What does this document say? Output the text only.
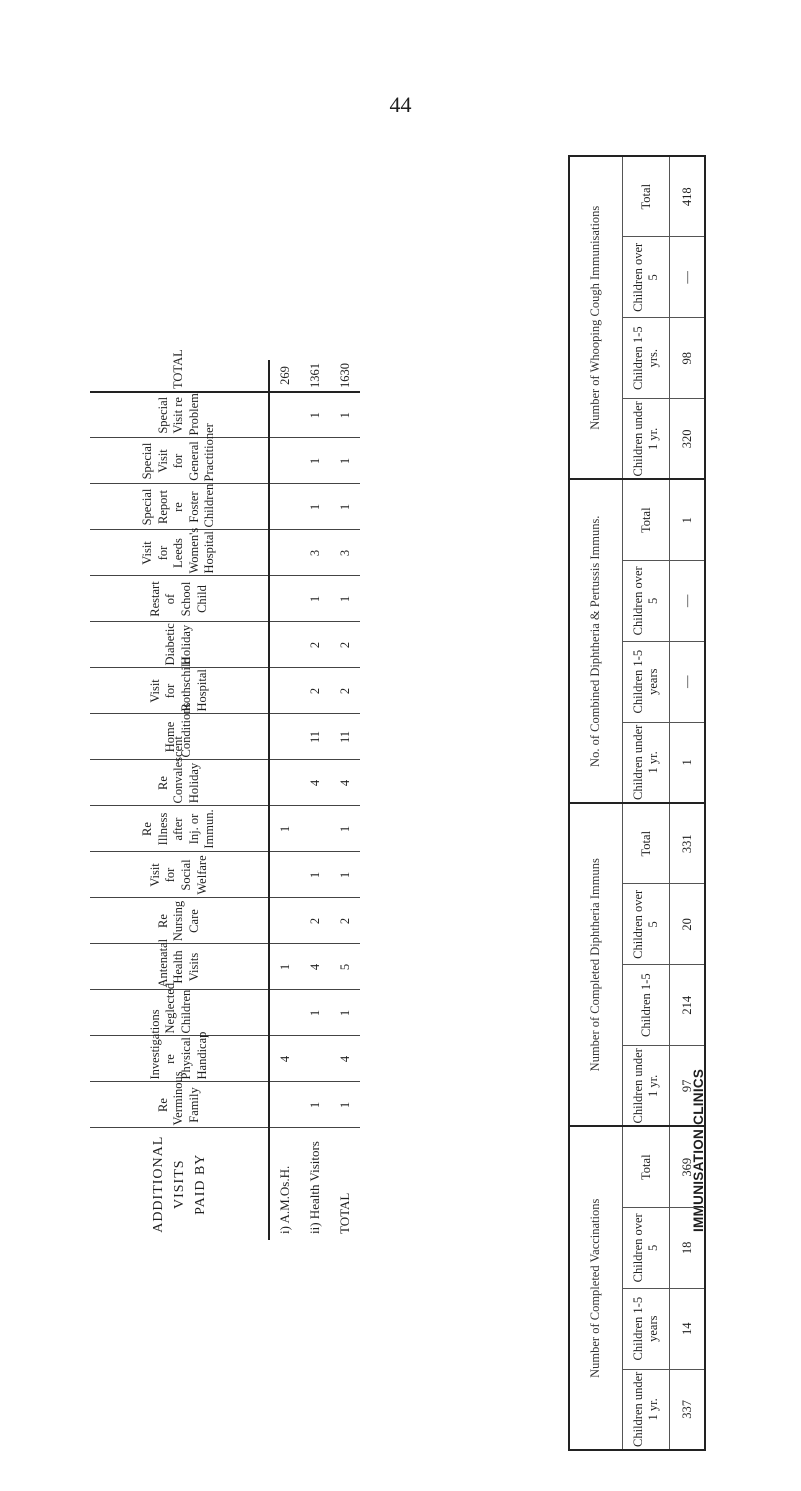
44
ADDITIONAL VISITS PAID BY	Re Verminous Family	Investigations re Physical Handicap	Neglected Children	Antenatal Health Visits	Re Nursing Care	Visit for Social Welfare	Re Illness after Inj. or Immun.	Re Convalescent Holiday	Home Conditions	Visit for Rothschild Hospital	Diabetic Holiday	Restart of School Child	Visit for Leeds Women's Hospital	Special Report re Foster Children	Special Visit for General Practitioner	Special Visit re Problem	TOTAL
i) A.M.Os.H.		4		1			1										269
ii) Health Visitors	1		1	4	2	1		4	11	2	2	1	3	1	1	1	1361
TOTAL	1	4	1	5	2	1	1	4	11	2	2	1	3	1	1	1	1630
IMMUNISATION CLINICS
Number of Completed Vaccinations				Number of Completed Diphtheria Immuns				No. of Combined Diphtheria & Pertussis Immuns.				Number of Whooping Cough Immunisations			
Children under 1 yr.	Children 1-5 years	Children over 5	Total	Children under 1 yr.	Children 1-5	Children over 5	Total	Children under 1 yr.	Children 1-5 years	Children over 5	Total	Children under 1 yr.	Children 1-5 yrs.	Children over 5	Total
337	14	18	369	97	214	20	331	1	—	—	1	320	98	—	418
